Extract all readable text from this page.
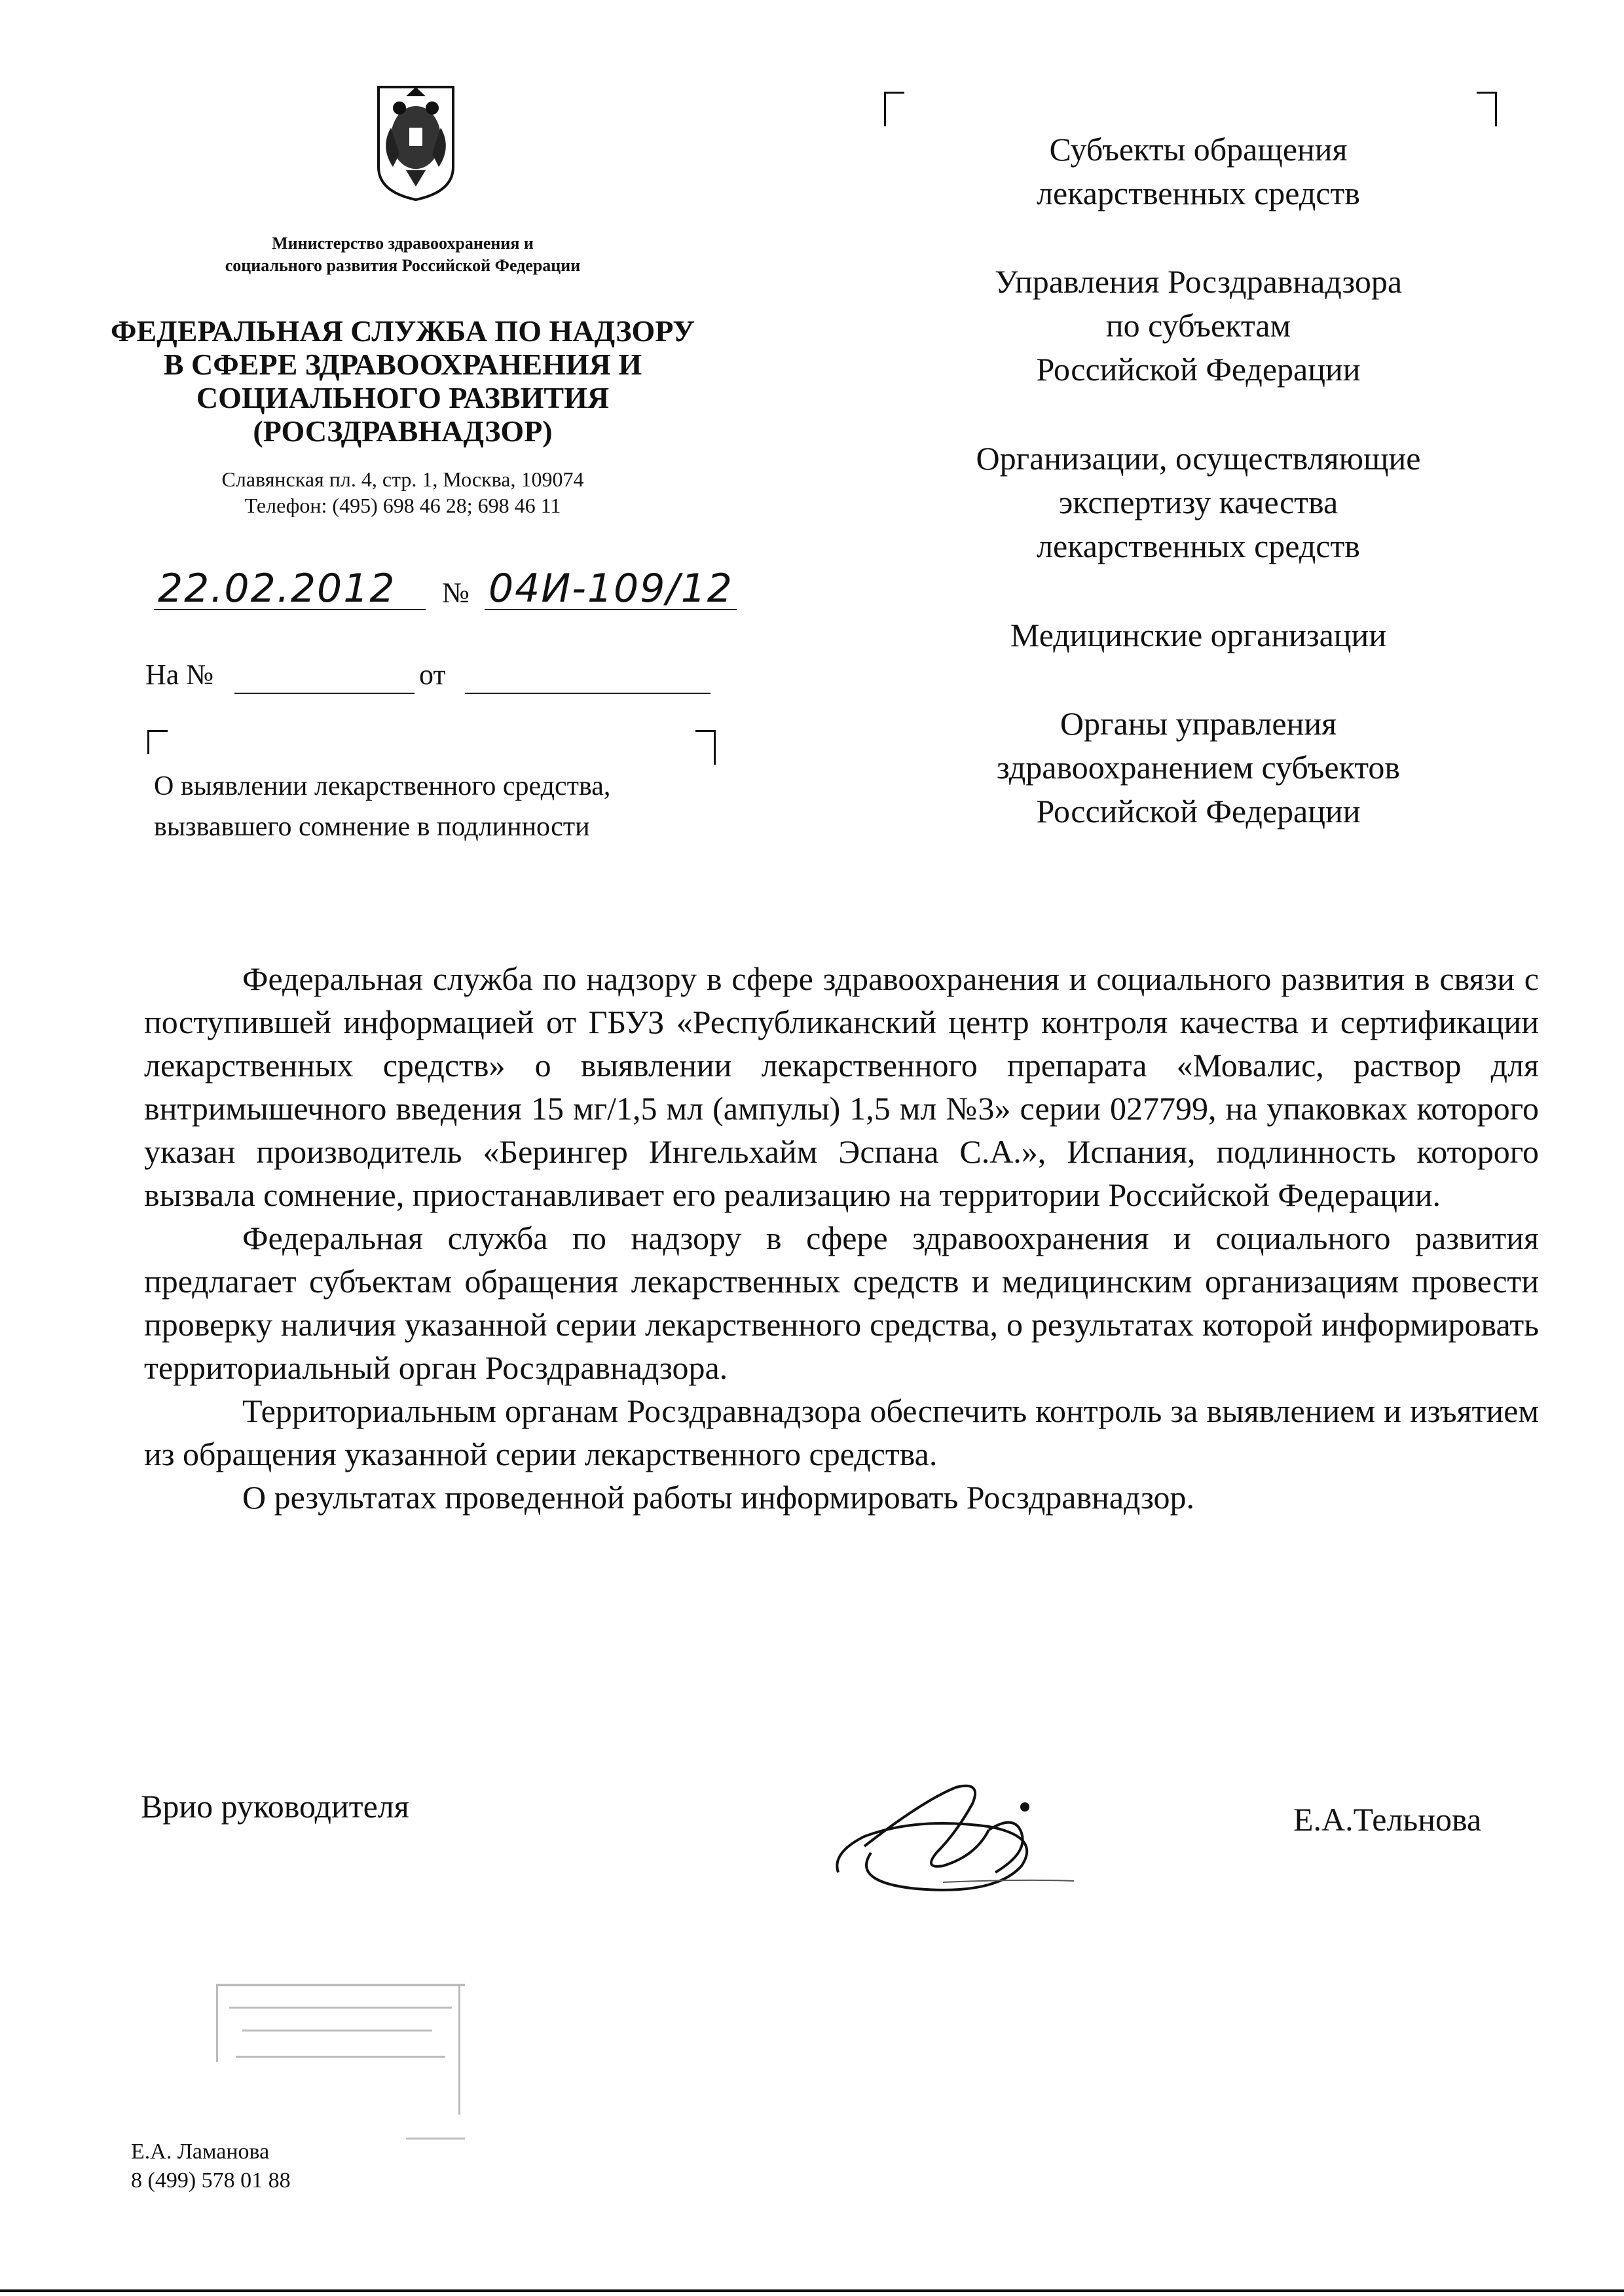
Министерство здравоохранения и
социального развития Российской Федерации
ФЕДЕРАЛЬНАЯ СЛУЖБА ПО НАДЗОРУ
В СФЕРЕ ЗДРАВООХРАНЕНИЯ И
СОЦИАЛЬНОГО РАЗВИТИЯ
(РОСЗДРАВНАДЗОР)
Славянская пл. 4, стр. 1, Москва, 109074
Телефон: (495) 698 46 28; 698 46 11
22.02.2012 № 04И-109/12
На №	от
О выявлении лекарственного средства,
вызвавшего сомнение в подлинности
Субъекты обращения
лекарственных средств
Управления Росздравнадзора
по субъектам
Российской Федерации
Организации, осуществляющие
экспертизу качества
лекарственных средств
Медицинские организации
Органы управления
здравоохранением субъектов
Российской Федерации

Федеральная служба по надзору в сфере здравоохранения и социального развития в связи с поступившей информацией от ГБУЗ «Республиканский центр контроля качества и сертификации лекарственных средств» о выявлении лекарственного препарата «Мовалис, раствор для внтримышечного введения 15 мг/1,5 мл (ампулы) 1,5 мл №3» серии 027799, на упаковках которого указан производитель «Берингер Ингельхайм Эспана С.А.», Испания, подлинность которого вызвала сомнение, приостанавливает его реализацию на территории Российской Федерации.

Федеральная служба по надзору в сфере здравоохранения и социального развития предлагает субъектам обращения лекарственных средств и медицинским организациям провести проверку наличия указанной серии лекарственного средства, о результатах которой информировать территориальный орган Росздравнадзора.

Территориальным органам Росздравнадзора обеспечить контроль за выявлением и изъятием из обращения указанной серии лекарственного средства.

О результатах проведенной работы информировать Росздравнадзор.

Врио руководителя	Е.А.Тельнова
Е.А. Ламанова
8 (499) 578 01 88
